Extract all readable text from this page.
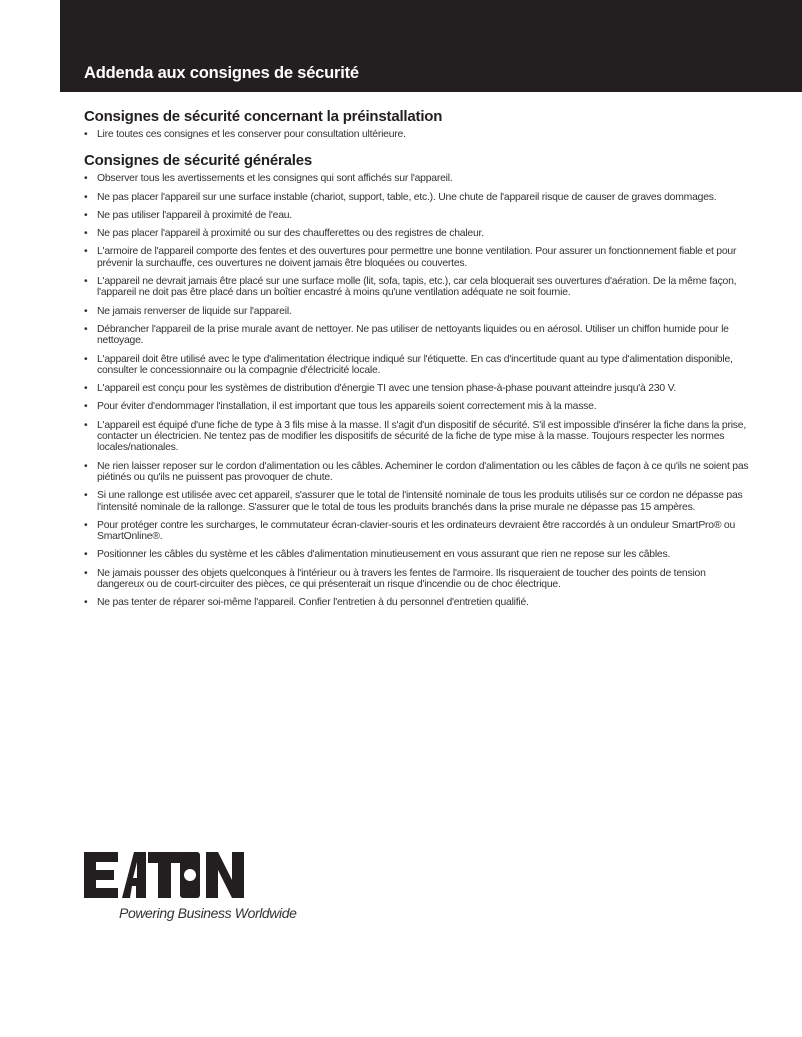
Addenda aux consignes de sécurité
Consignes de sécurité concernant la préinstallation
• Lire toutes ces consignes et les conserver pour consultation ultérieure.
Consignes de sécurité générales
• Observer tous les avertissements et les consignes qui sont affichés sur l'appareil.
• Ne pas placer l'appareil sur une surface instable (chariot, support, table, etc.). Une chute de l'appareil risque de causer de graves dommages.
• Ne pas utiliser l'appareil à proximité de l'eau.
• Ne pas placer l'appareil à proximité ou sur des chaufferettes ou des registres de chaleur.
• L'armoire de l'appareil comporte des fentes et des ouvertures pour permettre une bonne ventilation. Pour assurer un fonctionnement fiable et pour prévenir la surchauffe, ces ouvertures ne doivent jamais être bloquées ou couvertes.
• L'appareil ne devrait jamais être placé sur une surface molle (lit, sofa, tapis, etc.), car cela bloquerait ses ouvertures d'aération. De la même façon, l'appareil ne doit pas être placé dans un boîtier encastré à moins qu'une ventilation adéquate ne soit fournie.
• Ne jamais renverser de liquide sur l'appareil.
• Débrancher l'appareil de la prise murale avant de nettoyer. Ne pas utiliser de nettoyants liquides ou en aérosol. Utiliser un chiffon humide pour le nettoyage.
• L'appareil doit être utilisé avec le type d'alimentation électrique indiqué sur l'étiquette. En cas d'incertitude quant au type d'alimentation disponible, consulter le concessionnaire ou la compagnie d'électricité locale.
• L'appareil est conçu pour les systèmes de distribution d'énergie TI avec une tension phase-à-phase pouvant atteindre jusqu'à 230 V.
• Pour éviter d'endommager l'installation, il est important que tous les appareils soient correctement mis à la masse.
• L'appareil est équipé d'une fiche de type à 3 fils mise à la masse. Il s'agit d'un dispositif de sécurité. S'il est impossible d'insérer la fiche dans la prise, contacter un électricien. Ne tentez pas de modifier les dispositifs de sécurité de la fiche de type mise à la masse. Toujours respecter les normes locales/nationales.
• Ne rien laisser reposer sur le cordon d'alimentation ou les câbles. Acheminer le cordon d'alimentation ou les câbles de façon à ce qu'ils ne soient pas piétinés ou qu'ils ne puissent pas provoquer de chute.
• Si une rallonge est utilisée avec cet appareil, s'assurer que le total de l'intensité nominale de tous les produits utilisés sur ce cordon ne dépasse pas l'intensité nominale de la rallonge. S'assurer que le total de tous les produits branchés dans la prise murale ne dépasse pas 15 ampères.
• Pour protéger contre les surcharges, le commutateur écran-clavier-souris et les ordinateurs devraient être raccordés à un onduleur SmartPro® ou SmartOnline®.
• Positionner les câbles du système et les câbles d'alimentation minutieusement en vous assurant que rien ne repose sur les câbles.
• Ne jamais pousser des objets quelconques à l'intérieur ou à travers les fentes de l'armoire. Ils risqueraient de toucher des points de tension dangereux ou de court-circuiter des pièces, ce qui présenterait un risque d'incendie ou de choc électrique.
• Ne pas tenter de réparer soi-même l'appareil. Confier l'entretien à du personnel d'entretien qualifié.
Powering Business Worldwide
